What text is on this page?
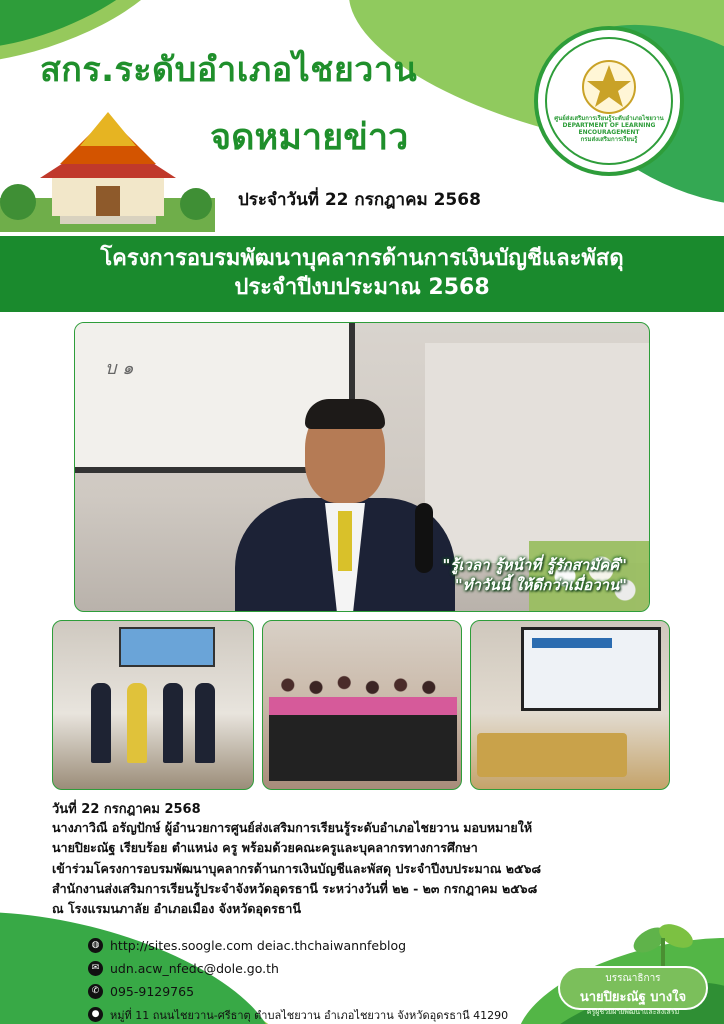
สกร.ระดับอำเภอไชยวาน
จดหมายข่าว
ประจำวันที่ 22 กรกฎาคม 2568
ศูนย์ส่งเสริมการเรียนรู้ระดับอำเภอไชยวาน
DEPARTMENT OF LEARNING ENCOURAGEMENT
กรมส่งเสริมการเรียนรู้
โครงการอบรมพัฒนาบุคลากรด้านการเงินบัญชีและพัสดุ
ประจำปีงบประมาณ 2568
บ ๑
"รู้เวลา รู้หน้าที่ รู้รักสามัคคี"
"ทำวันนี้ ให้ดีกว่าเมื่อวาน"
วันที่ 22 กรกฎาคม 2568
นางภาวิณี อรัญปักษ์ ผู้อำนวยการศูนย์ส่งเสริมการเรียนรู้ระดับอำเภอไชยวาน มอบหมายให้
นายปิยะณัฐ เรียบร้อย ตำแหน่ง ครู พร้อมด้วยคณะครูและบุคลากรทางการศึกษา
เข้าร่วมโครงการอบรมพัฒนาบุคลากรด้านการเงินบัญชีและพัสดุ ประจำปีงบประมาณ ๒๕๖๘
สำนักงานส่งเสริมการเรียนรู้ประจำจังหวัดอุดรธานี ระหว่างวันที่ ๒๒ - ๒๓ กรกฎาคม ๒๕๖๘
ณ โรงแรมนภาลัย อำเภอเมือง จังหวัดอุดรธานี
◍ http://sites.soogle.com deiac.thchaiwannfeblog
✉ udn.acw_nfedc@dole.go.th
✆ 095-9129765
● หมู่ที่ 11 ถนนไชยวาน-ศรีธาตุ ตำบลไชยวาน อำเภอไชยวาน จังหวัดอุดรธานี 41290
บรรณาธิการ
นายปิยะณัฐ บางใจ
ครูผู้ช่วยฝ่ายพัฒนาและส่งเสริม
